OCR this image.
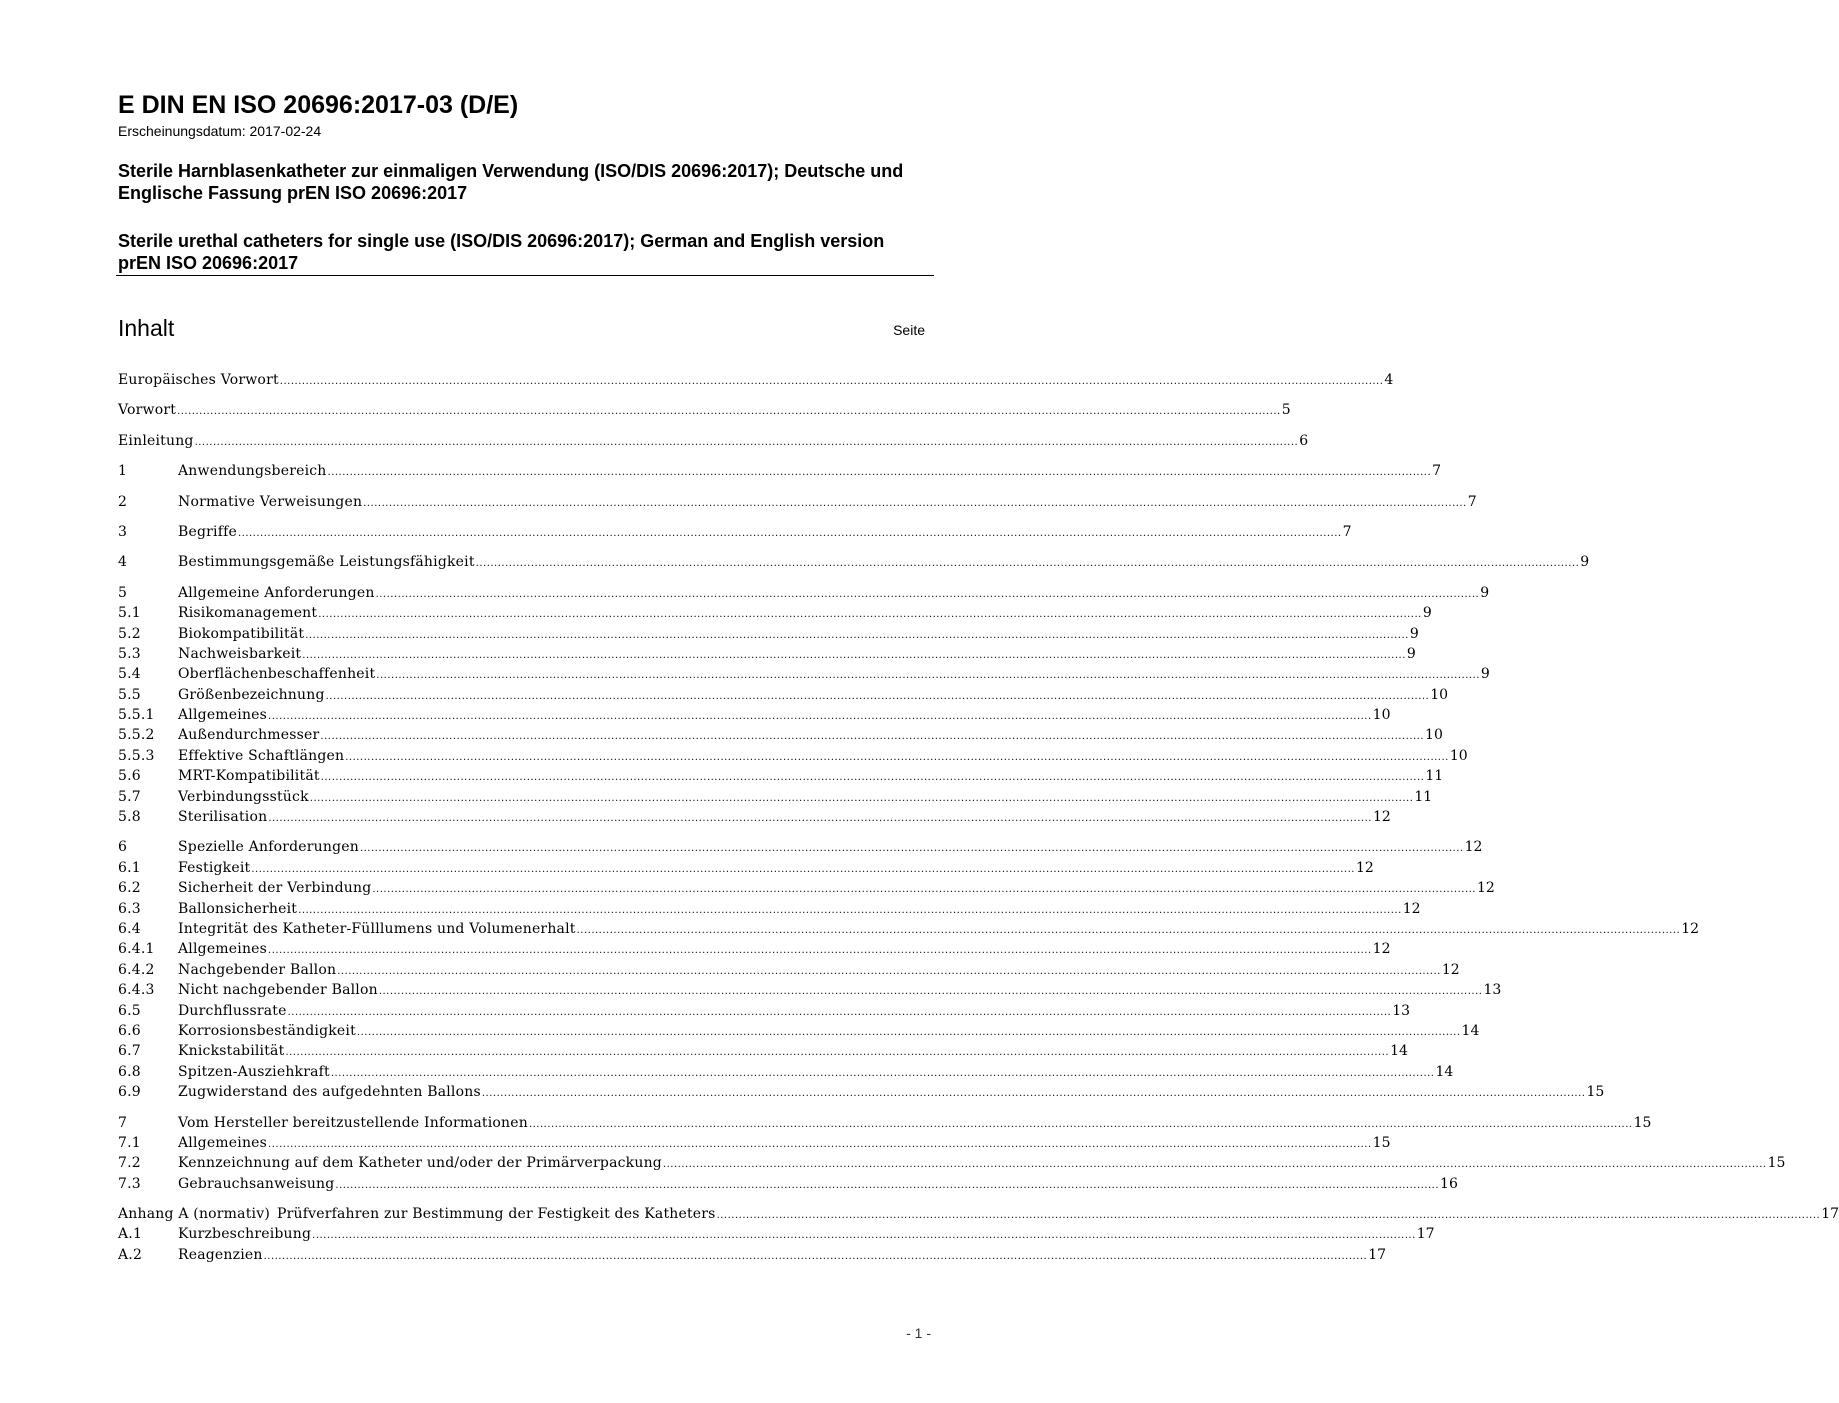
E DIN EN ISO 20696:2017-03 (D/E)
Erscheinungsdatum: 2017-02-24
Sterile Harnblasenkatheter zur einmaligen Verwendung (ISO/DIS 20696:2017); Deutsche und Englische Fassung prEN ISO 20696:2017
Sterile urethal catheters for single use (ISO/DIS 20696:2017); German and English version prEN ISO 20696:2017
Inhalt	Seite
Europäisches Vorwort ............................................................................................................................................................................................................................................................................................................ 4
Vorwort ............................................................................................................................................................................................................................................................................................................ 5
Einleitung ............................................................................................................................................................................................................................................................................................................ 6
1	Anwendungsbereich ............................................................................................................................................................................................................................................................................................................ 7
2	Normative Verweisungen ............................................................................................................................................................................................................................................................................................................ 7
3	Begriffe ............................................................................................................................................................................................................................................................................................................ 7
4	Bestimmungsgemäße Leistungsfähigkeit ............................................................................................................................................................................................................................................................................................................ 9
5	Allgemeine Anforderungen ............................................................................................................................................................................................................................................................................................................ 9
5.1	Risikomanagement ............................................................................................................................................................................................................................................................................................................ 9
5.2	Biokompatibilität ............................................................................................................................................................................................................................................................................................................ 9
5.3	Nachweisbarkeit ............................................................................................................................................................................................................................................................................................................ 9
5.4	Oberflächenbeschaffenheit ............................................................................................................................................................................................................................................................................................................ 9
5.5	Größenbezeichnung ............................................................................................................................................................................................................................................................................................................ 10
5.5.1	Allgemeines ............................................................................................................................................................................................................................................................................................................ 10
5.5.2	Außendurchmesser ............................................................................................................................................................................................................................................................................................................ 10
5.5.3	Effektive Schaftlängen ............................................................................................................................................................................................................................................................................................................ 10
5.6	MRT-Kompatibilität ............................................................................................................................................................................................................................................................................................................ 11
5.7	Verbindungsstück ............................................................................................................................................................................................................................................................................................................ 11
5.8	Sterilisation ............................................................................................................................................................................................................................................................................................................ 12
6	Spezielle Anforderungen ............................................................................................................................................................................................................................................................................................................ 12
6.1	Festigkeit ............................................................................................................................................................................................................................................................................................................ 12
6.2	Sicherheit der Verbindung ............................................................................................................................................................................................................................................................................................................ 12
6.3	Ballonsicherheit ............................................................................................................................................................................................................................................................................................................ 12
6.4	Integrität des Katheter-Fülllumens und Volumenerhalt ............................................................................................................................................................................................................................................................................................................ 12
6.4.1	Allgemeines ............................................................................................................................................................................................................................................................................................................ 12
6.4.2	Nachgebender Ballon ............................................................................................................................................................................................................................................................................................................ 12
6.4.3	Nicht nachgebender Ballon ............................................................................................................................................................................................................................................................................................................ 13
6.5	Durchflussrate ............................................................................................................................................................................................................................................................................................................ 13
6.6	Korrosionsbeständigkeit ............................................................................................................................................................................................................................................................................................................ 14
6.7	Knickstabilität ............................................................................................................................................................................................................................................................................................................ 14
6.8	Spitzen-Ausziehkraft ............................................................................................................................................................................................................................................................................................................ 14
6.9	Zugwiderstand des aufgedehnten Ballons ............................................................................................................................................................................................................................................................................................................ 15
7	Vom Hersteller bereitzustellende Informationen ............................................................................................................................................................................................................................................................................................................ 15
7.1	Allgemeines ............................................................................................................................................................................................................................................................................................................ 15
7.2	Kennzeichnung auf dem Katheter und/oder der Primärverpackung ............................................................................................................................................................................................................................................................................................................ 15
7.3	Gebrauchsanweisung ............................................................................................................................................................................................................................................................................................................ 16
Anhang A (normativ) Prüfverfahren zur Bestimmung der Festigkeit des Katheters ............................................................................................................................................................................................................................................................................................................ 17
A.1	Kurzbeschreibung ............................................................................................................................................................................................................................................................................................................ 17
A.2	Reagenzien ............................................................................................................................................................................................................................................................................................................ 17
- 1 -
